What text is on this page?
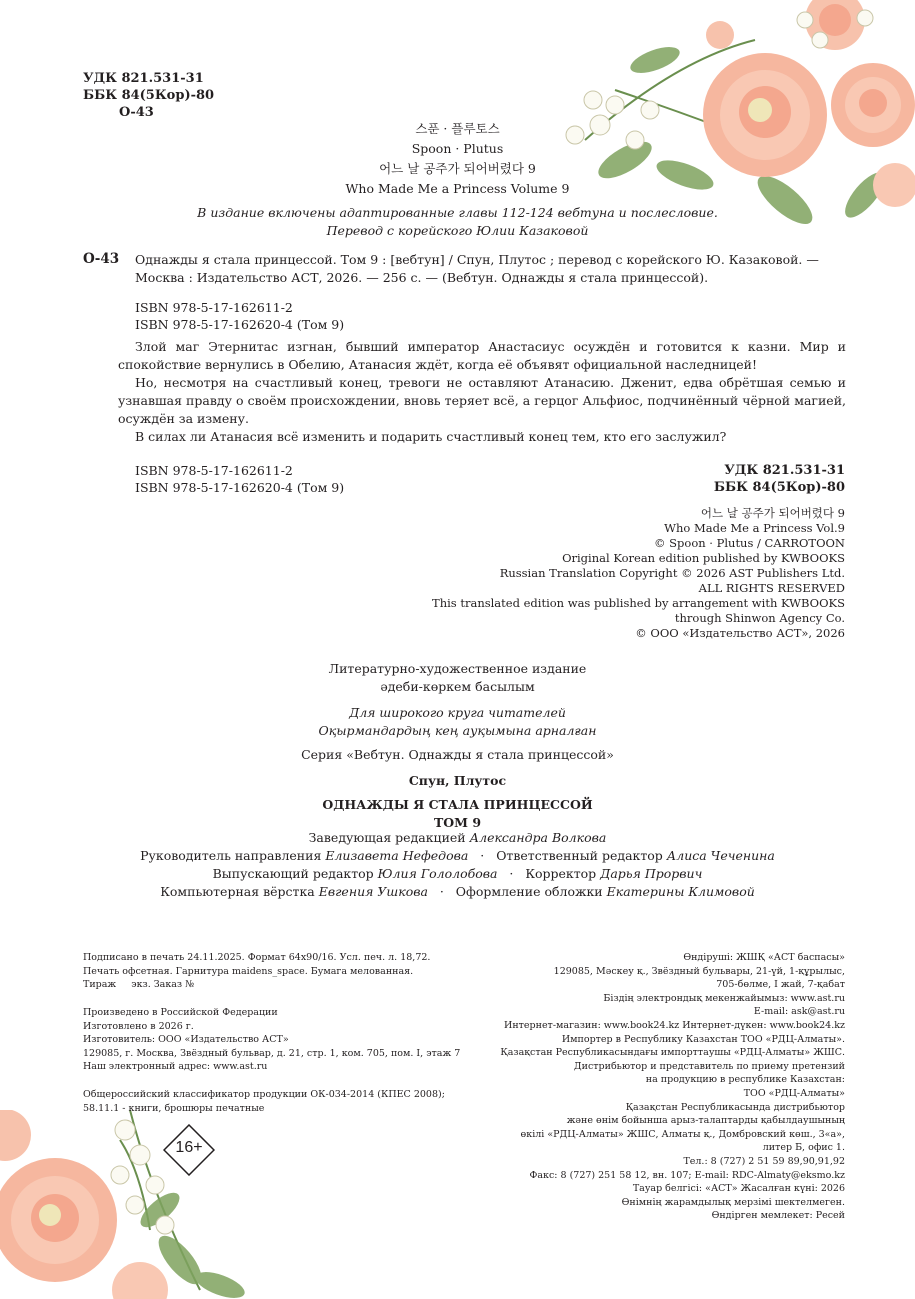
УДК 821.531-31
ББК 84(5Кор)-80
О-43
스푼 · 플루토스
Spoon · Plutus
어느 날 공주가 되어버렸다 9
Who Made Me a Princess Volume 9
В издание включены адаптированные главы 112-124 вебтуна и послесловие.
Перевод с корейского Юлии Казаковой
О-43 Однажды я стала принцессой. Том 9 : [вебтун] / Спун, Плутос ; перевод с корейского Ю. Казаковой. —
Москва : Издательство АСТ, 2026. — 256 с. — (Вебтун. Однажды я стала принцессой).
ISBN 978-5-17-162611-2
ISBN 978-5-17-162620-4 (Том 9)

Злой маг Этернитас изгнан, бывший император Анастасиус осуждён и готовится к казни. Мир и спокойствие вернулись в Обелию, Атанасия ждёт, когда её объявят официальной наследницей!

Но, несмотря на счастливый конец, тревоги не оставляют Атанасию. Дженит, едва обрётшая семью и узнавшая правду о своём происхождении, вновь теряет всё, а герцог Альфиос, подчинённый чёрной магией, осуждён за измену.

В силах ли Атанасия всё изменить и подарить счастливый конец тем, кто его заслужил?

ISBN 978-5-17-162611-2
ISBN 978-5-17-162620-4 (Том 9)
УДК 821.531-31
ББК 84(5Кор)-80
어느 날 공주가 되어버렸다 9
Who Made Me a Princess Vol.9
© Spoon · Plutus / CARROTOON
Original Korean edition published by KWBOOKS
Russian Translation Copyright © 2026 AST Publishers Ltd.
ALL RIGHTS RESERVED
This translated edition was published by arrangement with KWBOOKS
through Shinwon Agency Co.
© ООО «Издательство АСТ», 2026
Литературно-художественное издание
әдеби-көркем басылым
Для широкого круга читателей
Оқырмандардың кең ауқымына арналған
Серия «Вебтун. Однажды я стала принцессой»
Спун, Плутос
ОДНАЖДЫ Я СТАЛА ПРИНЦЕССОЙ
ТОМ 9
Заведующая редакцией Александра Волкова
Руководитель направления Елизавета Нефедова · Ответственный редактор Алиса Чеченина
Выпускающий редактор Юлия Гололобова · Корректор Дарья Прорвич
Компьютерная вёрстка Евгения Ушкова · Оформление обложки Екатерины Климовой
Подписано в печать 24.11.2025. Формат 64х90/16. Усл. печ. л. 18,72.
Печать офсетная. Гарнитура maidens_space. Бумага мелованная.
Тираж     экз. Заказ №
Произведено в Российской Федерации
Изготовлено в 2026 г.
Изготовитель: ООО «Издательство АСТ»
129085, г. Москва, Звёздный бульвар, д. 21, стр. 1, ком. 705, пом. I, этаж 7
Наш электронный адрес: www.ast.ru
Общероссийский классификатор продукции ОК-034-2014 (КПЕС 2008);
58.11.1 - книги, брошюры печатные
16+
Өндіруші: ЖШҚ «АСТ баспасы»
129085, Мәскеу қ., Звёздный бульвары, 21-үй, 1-құрылыс,
705-бөлме, I жай, 7-қабат
Біздің электрондық мекенжайымыз: www.ast.ru
E-mail: ask@ast.ru
Интернет-магазин: www.book24.kz Интернет-дүкен: www.book24.kz
Импортер в Республику Казахстан ТОО «РДЦ-Алматы».
Қазақстан Республикасындағы импорттаушы «РДЦ-Алматы» ЖШС.
Дистрибьютор и представитель по приему претензий
на продукцию в республике Казахстан:
ТОО «РДЦ-Алматы»
Қазақстан Республикасында дистрибьютор
және өнім бойынша арыз-талаптарды қабылдаушының
өкілі «РДЦ-Алматы» ЖШС, Алматы қ., Домбровский көш., 3«а»,
литер Б, офис 1.
Тел.: 8 (727) 2 51 59 89,90,91,92
Факс: 8 (727) 251 58 12, вн. 107; E-mail: RDC-Almaty@eksmo.kz
Тауар белгісі: «АСТ» Жасалған күні: 2026
Өнімнің жарамдылық мерзімі шектелмеген.
Өндірген мемлекет: Ресей
